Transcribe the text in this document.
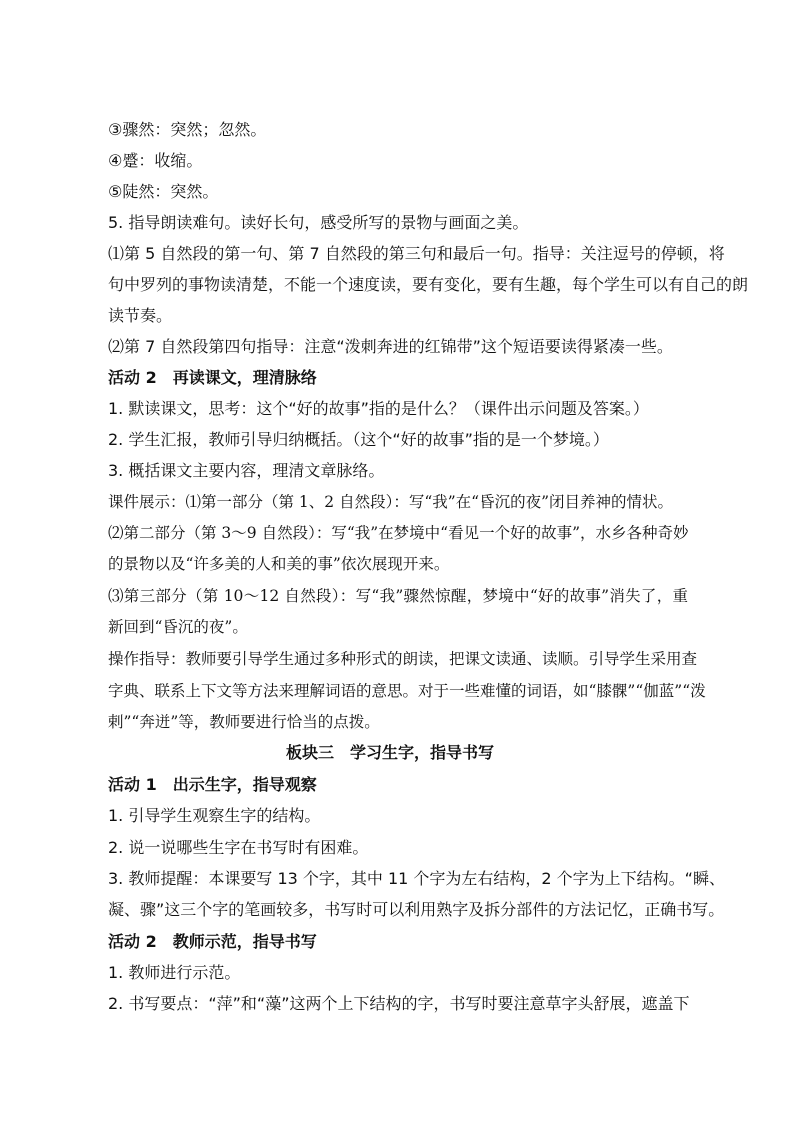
③骤然：突然；忽然。

④蹙：收缩。

⑤陡然：突然。

5. 指导朗读难句。读好长句，感受所写的景物与画面之美。

⑴第 5 自然段的第一句、第 7 自然段的第三句和最后一句。指导：关注逗号的停顿，将

句中罗列的事物读清楚，不能一个速度读，要有变化，要有生趣，每个学生可以有自己的朗

读节奏。

⑵第 7 自然段第四句指导：注意“泼刺奔进的红锦带”这个短语要读得紧凑一些。

活动 2　再读课文，理清脉络

1. 默读课文，思考：这个“好的故事”指的是什么？（课件出示问题及答案。）

2. 学生汇报，教师引导归纳概括。（这个“好的故事”指的是一个梦境。）

3. 概括课文主要内容，理清文章脉络。

课件展示：⑴第一部分（第 1、2 自然段）：写“我”在“昏沉的夜”闭目养神的情状。

⑵第二部分（第 3～9 自然段）：写“我”在梦境中“看见一个好的故事”，水乡各种奇妙

的景物以及“许多美的人和美的事”依次展现开来。

⑶第三部分（第 10～12 自然段）：写“我”骤然惊醒，梦境中“好的故事”消失了，重

新回到“昏沉的夜”。

操作指导：教师要引导学生通过多种形式的朗读，把课文读通、读顺。引导学生采用查

字典、联系上下文等方法来理解词语的意思。对于一些难懂的词语，如“膝髁”“伽蓝”“泼

剌”“奔迸”等，教师要进行恰当的点拨。

板块三　学习生字，指导书写

活动 1　出示生字，指导观察

1. 引导学生观察生字的结构。

2. 说一说哪些生字在书写时有困难。

3. 教师提醒：本课要写 13 个字，其中 11 个字为左右结构，2 个字为上下结构。“瞬、

凝、骤”这三个字的笔画较多，书写时可以利用熟字及拆分部件的方法记忆，正确书写。

活动 2　教师示范，指导书写

1. 教师进行示范。

2. 书写要点：“萍”和“藻”这两个上下结构的字，书写时要注意草字头舒展，遮盖下
